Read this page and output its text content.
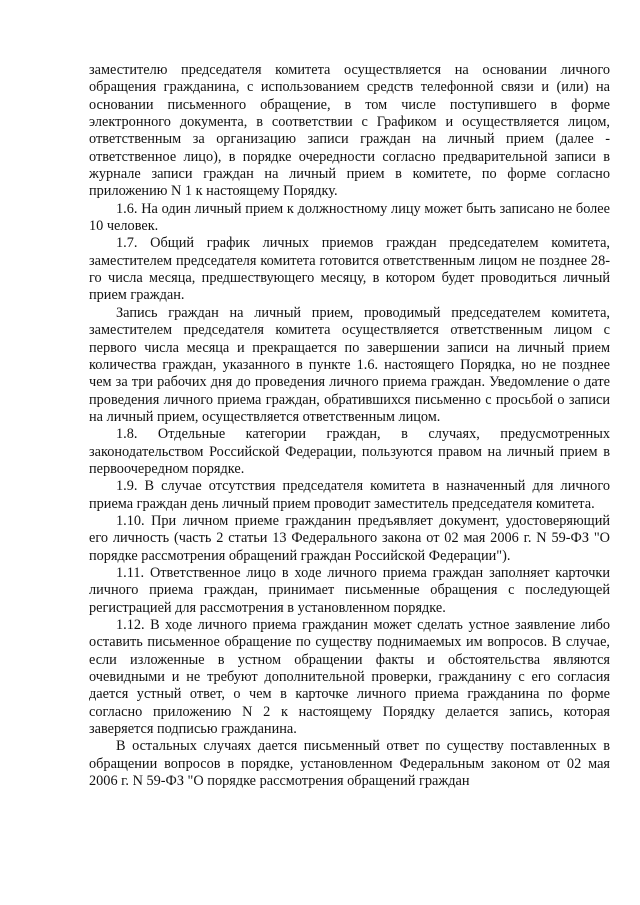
заместителю председателя комитета осуществляется на основании личного обращения гражданина, с использованием средств телефонной связи и (или) на основании письменного обращение, в том числе поступившего в форме электронного документа, в соответствии с Графиком и осуществляется лицом, ответственным за организацию записи граждан на личный прием (далее - ответственное лицо), в порядке очередности согласно предварительной записи в журнале записи граждан на личный прием в комитете, по форме согласно приложению N 1 к настоящему Порядку.

1.6. На один личный прием к должностному лицу может быть записано не более 10 человек.

1.7. Общий график личных приемов граждан председателем комитета, заместителем председателя комитета готовится ответственным лицом не позднее 28-го числа месяца, предшествующего месяцу, в котором будет проводиться личный прием граждан.

Запись граждан на личный прием, проводимый председателем комитета, заместителем председателя комитета осуществляется ответственным лицом с первого числа месяца и прекращается по завершении записи на личный прием количества граждан, указанного в пункте 1.6. настоящего Порядка, но не позднее чем за три рабочих дня до проведения личного приема граждан. Уведомление о дате проведения личного приема граждан, обратившихся письменно с просьбой о записи на личный прием, осуществляется ответственным лицом.

1.8. Отдельные категории граждан, в случаях, предусмотренных законодательством Российской Федерации, пользуются правом на личный прием в первоочередном порядке.

1.9. В случае отсутствия председателя комитета в назначенный для личного приема граждан день личный прием проводит заместитель председателя комитета.

1.10. При личном приеме гражданин предъявляет документ, удостоверяющий его личность (часть 2 статьи 13 Федерального закона от 02 мая 2006 г. N 59-ФЗ "О порядке рассмотрения обращений граждан Российской Федерации").

1.11. Ответственное лицо в ходе личного приема граждан заполняет карточки личного приема граждан, принимает письменные обращения с последующей регистрацией для рассмотрения в установленном порядке.

1.12. В ходе личного приема гражданин может сделать устное заявление либо оставить письменное обращение по существу поднимаемых им вопросов. В случае, если изложенные в устном обращении факты и обстоятельства являются очевидными и не требуют дополнительной проверки, гражданину с его согласия дается устный ответ, о чем в карточке личного приема гражданина по форме согласно приложению N 2 к настоящему Порядку делается запись, которая заверяется подписью гражданина.

В остальных случаях дается письменный ответ по существу поставленных в обращении вопросов в порядке, установленном Федеральным законом от 02 мая 2006 г. N 59-ФЗ "О порядке рассмотрения обращений граждан
